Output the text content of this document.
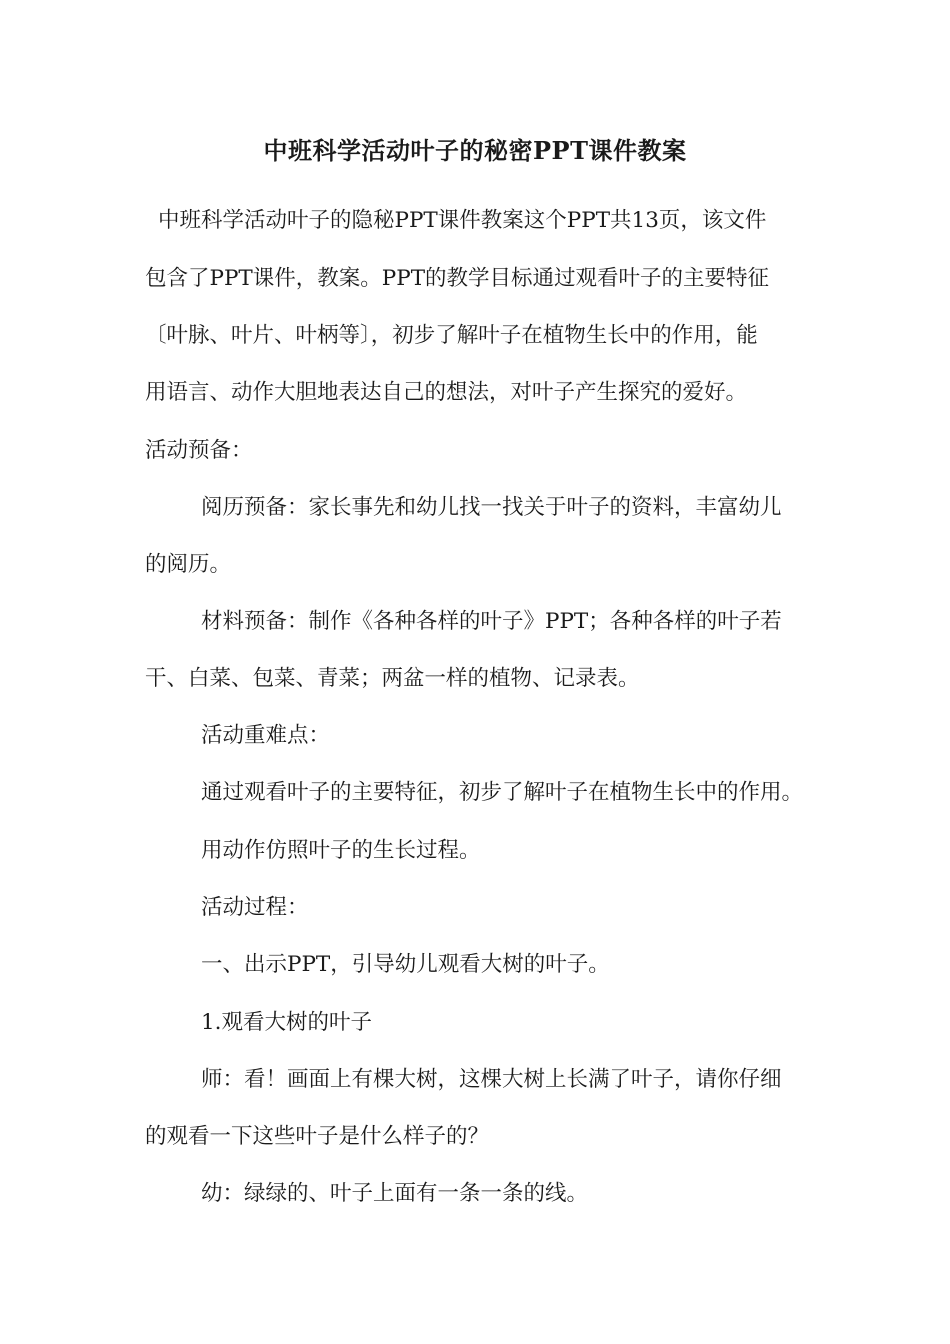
中班科学活动叶子的秘密PPT课件教案
中班科学活动叶子的隐秘PPT课件教案这个PPT共13页，该文件
包含了PPT课件，教案。PPT的教学目标通过观看叶子的主要特征
〔叶脉、叶片、叶柄等〕，初步了解叶子在植物生长中的作用，能
用语言、动作大胆地表达自己的想法，对叶子产生探究的爱好。
活动预备：
阅历预备：家长事先和幼儿找一找关于叶子的资料，丰富幼儿
的阅历。
材料预备：制作《各种各样的叶子》PPT；各种各样的叶子若
干、白菜、包菜、青菜；两盆一样的植物、记录表。
活动重难点：
通过观看叶子的主要特征，初步了解叶子在植物生长中的作用。
用动作仿照叶子的生长过程。
活动过程：
一、出示PPT，引导幼儿观看大树的叶子。
1.观看大树的叶子
师：看！画面上有棵大树，这棵大树上长满了叶子，请你仔细
的观看一下这些叶子是什么样子的？
幼：绿绿的、叶子上面有一条一条的线。
